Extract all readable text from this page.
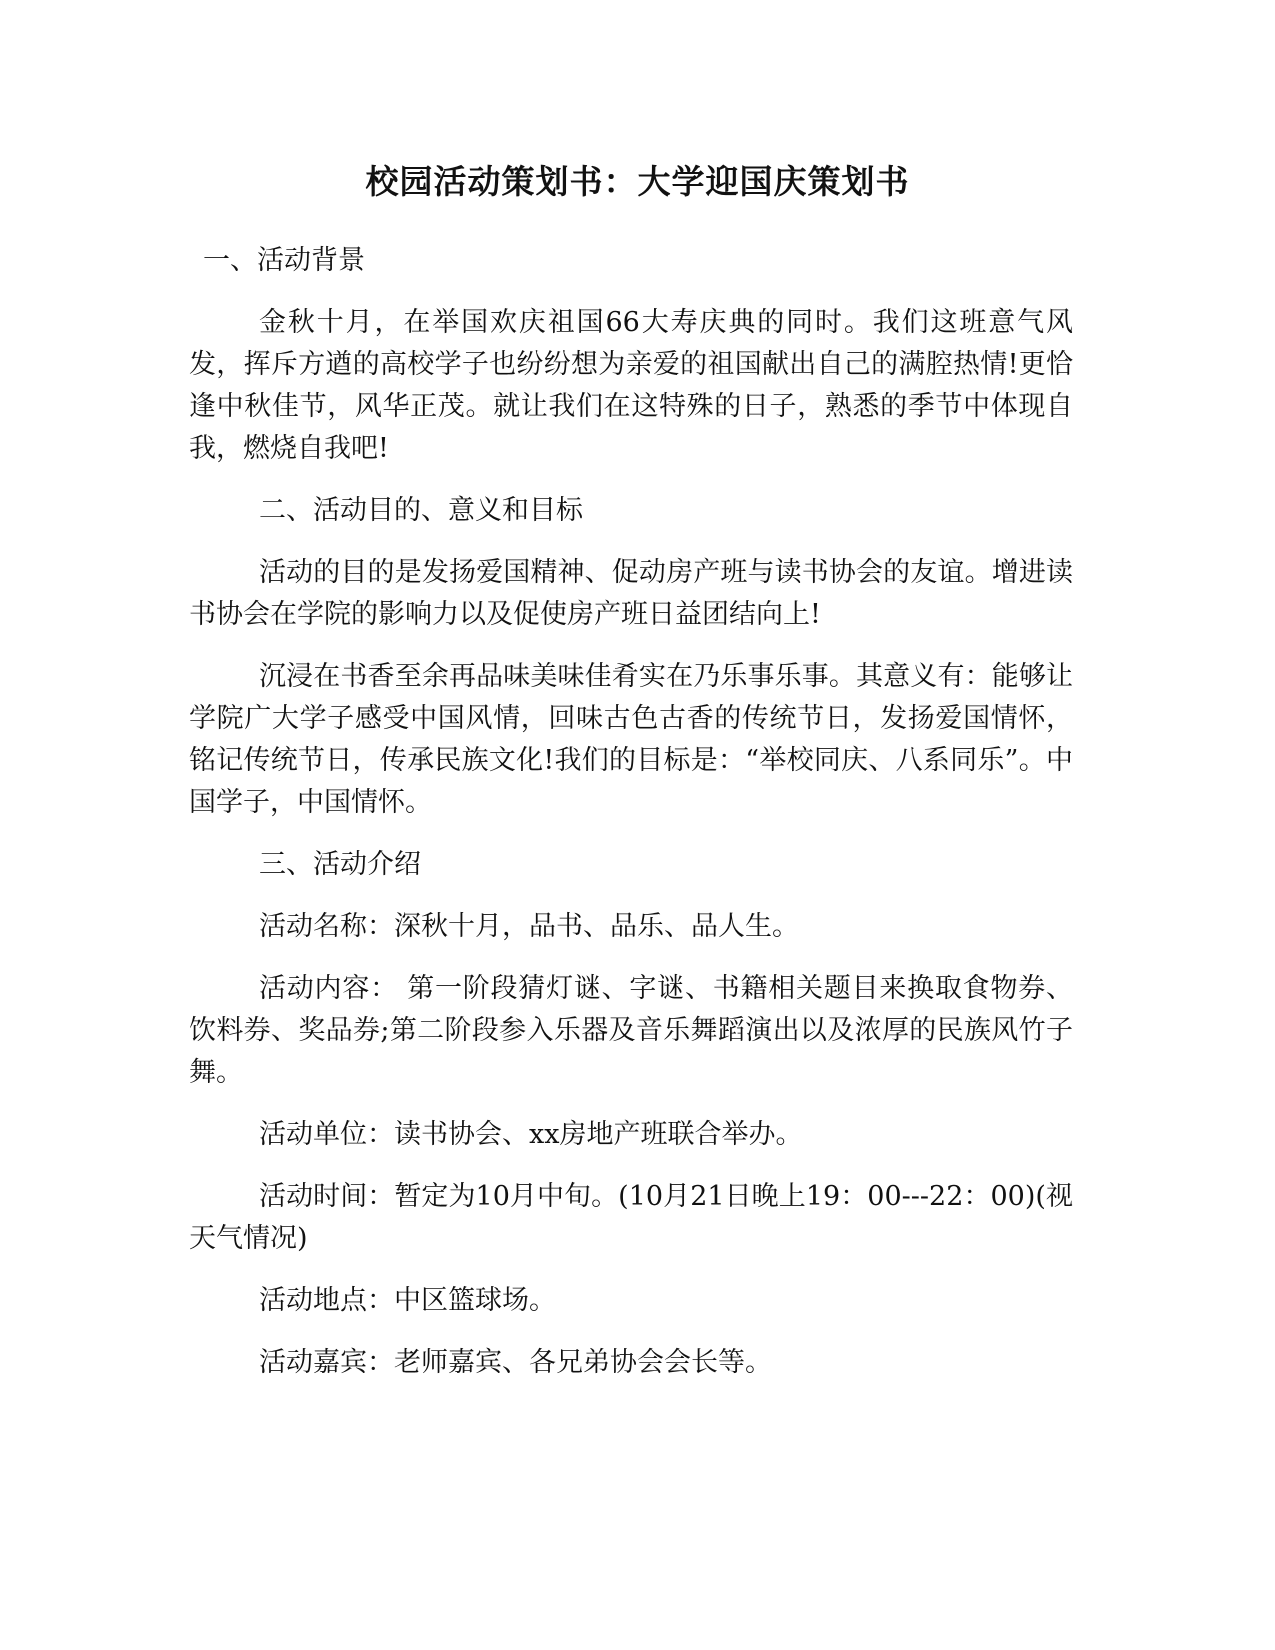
校园活动策划书：大学迎国庆策划书

一、活动背景

金秋十月，在举国欢庆祖国66大寿庆典的同时。我们这班意气风发，挥斥方遒的高校学子也纷纷想为亲爱的祖国献出自己的满腔热情!更恰逢中秋佳节，风华正茂。就让我们在这特殊的日子，熟悉的季节中体现自我，燃烧自我吧!

二、活动目的、意义和目标

活动的目的是发扬爱国精神、促动房产班与读书协会的友谊。增进读书协会在学院的影响力以及促使房产班日益团结向上!

沉浸在书香至余再品味美味佳肴实在乃乐事乐事。其意义有：能够让学院广大学子感受中国风情，回味古色古香的传统节日，发扬爱国情怀，铭记传统节日，传承民族文化!我们的目标是：“举校同庆、八系同乐”。中国学子，中国情怀。

三、活动介绍

活动名称：深秋十月，品书、品乐、品人生。

活动内容： 第一阶段猜灯谜、字谜、书籍相关题目来换取食物券、饮料券、奖品券;第二阶段参入乐器及音乐舞蹈演出以及浓厚的民族风竹子舞。

活动单位：读书协会、xx房地产班联合举办。

活动时间：暂定为10月中旬。(10月21日晚上19：00---22：00)(视天气情况)

活动地点：中区篮球场。

活动嘉宾：老师嘉宾、各兄弟协会会长等。
